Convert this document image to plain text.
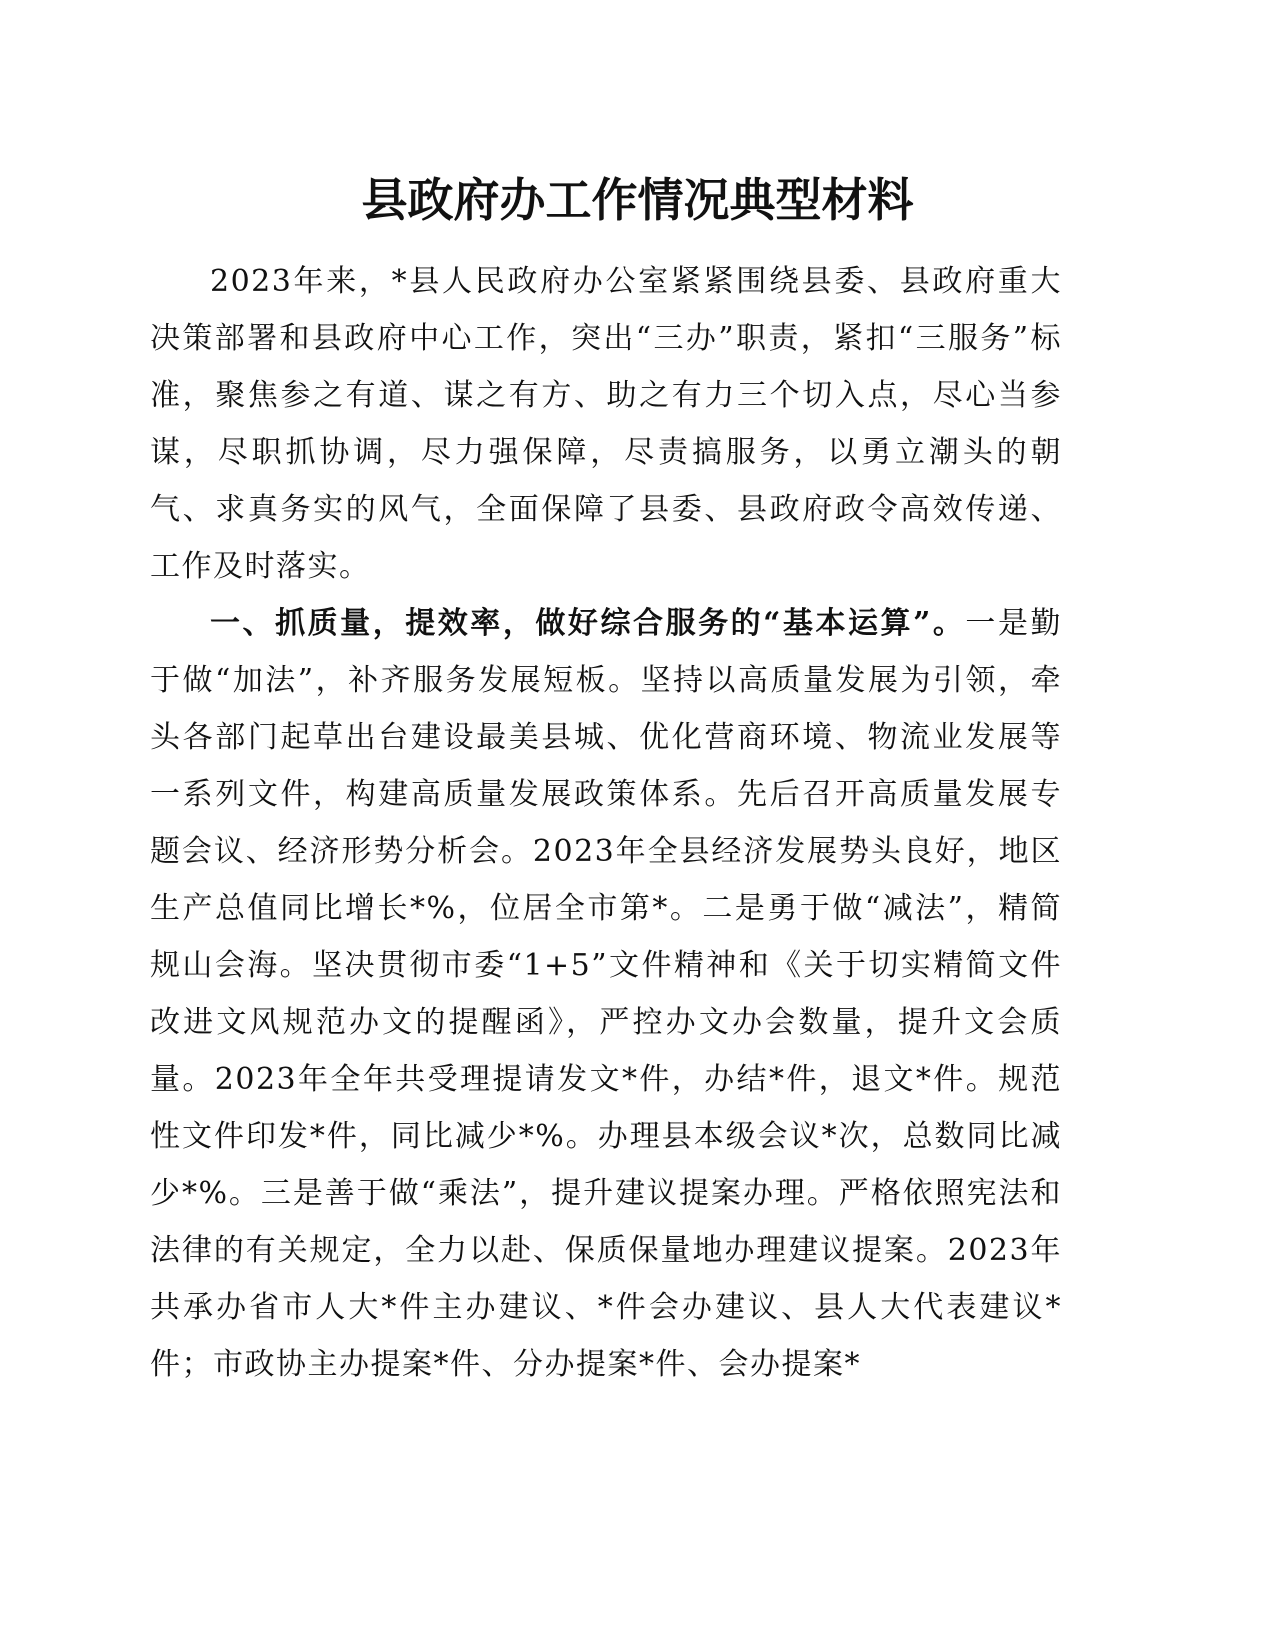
县政府办工作情况典型材料

2023年来，*县人民政府办公室紧紧围绕县委、县政府重大决策部署和县政府中心工作，突出“三办”职责，紧扣“三服务”标准，聚焦参之有道、谋之有方、助之有力三个切入点，尽心当参谋，尽职抓协调，尽力强保障，尽责搞服务，以勇立潮头的朝气、求真务实的风气，全面保障了县委、县政府政令高效传递、工作及时落实。

一、抓质量，提效率，做好综合服务的“基本运算”。一是勤于做“加法”，补齐服务发展短板。坚持以高质量发展为引领，牵头各部门起草出台建设最美县城、优化营商环境、物流业发展等一系列文件，构建高质量发展政策体系。先后召开高质量发展专题会议、经济形势分析会。2023年全县经济发展势头良好，地区生产总值同比增长*%，位居全市第*。二是勇于做“减法”，精简规山会海。坚决贯彻市委“1+5”文件精神和《关于切实精简文件改进文风规范办文的提醒函》，严控办文办会数量，提升文会质量。2023年全年共受理提请发文*件，办结*件，退文*件。规范性文件印发*件，同比减少*%。办理县本级会议*次，总数同比减少*%。三是善于做“乘法”，提升建议提案办理。严格依照宪法和法律的有关规定，全力以赴、保质保量地办理建议提案。2023年共承办省市人大*件主办建议、*件会办建议、县人大代表建议*件；市政协主办提案*件、分办提案*件、会办提案*
